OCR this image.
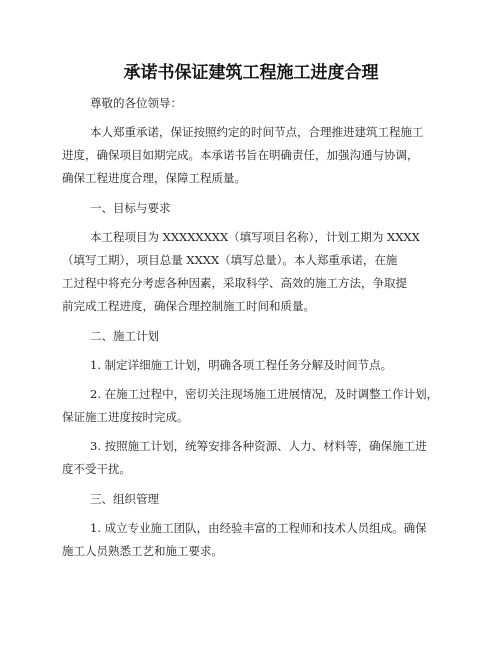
承诺书保证建筑工程施工进度合理

尊敬的各位领导：

本人郑重承诺，保证按照约定的时间节点，合理推进建筑工程施工

进度，确保项目如期完成。本承诺书旨在明确责任，加强沟通与协调，

确保工程进度合理，保障工程质量。

一、目标与要求

本工程项目为 XXXXXXXX（填写项目名称），计划工期为 XXXX

（填写工期），项目总量 XXXX（填写总量）。本人郑重承诺，在施

工过程中将充分考虑各种因素，采取科学、高效的施工方法，争取提

前完成工程进度，确保合理控制施工时间和质量。

二、施工计划

1. 制定详细施工计划，明确各项工程任务分解及时间节点。

2. 在施工过程中，密切关注现场施工进展情况，及时调整工作计划，

保证施工进度按时完成。

3. 按照施工计划，统筹安排各种资源、人力、材料等，确保施工进

度不受干扰。

三、组织管理

1. 成立专业施工团队，由经验丰富的工程师和技术人员组成。确保

施工人员熟悉工艺和施工要求。
